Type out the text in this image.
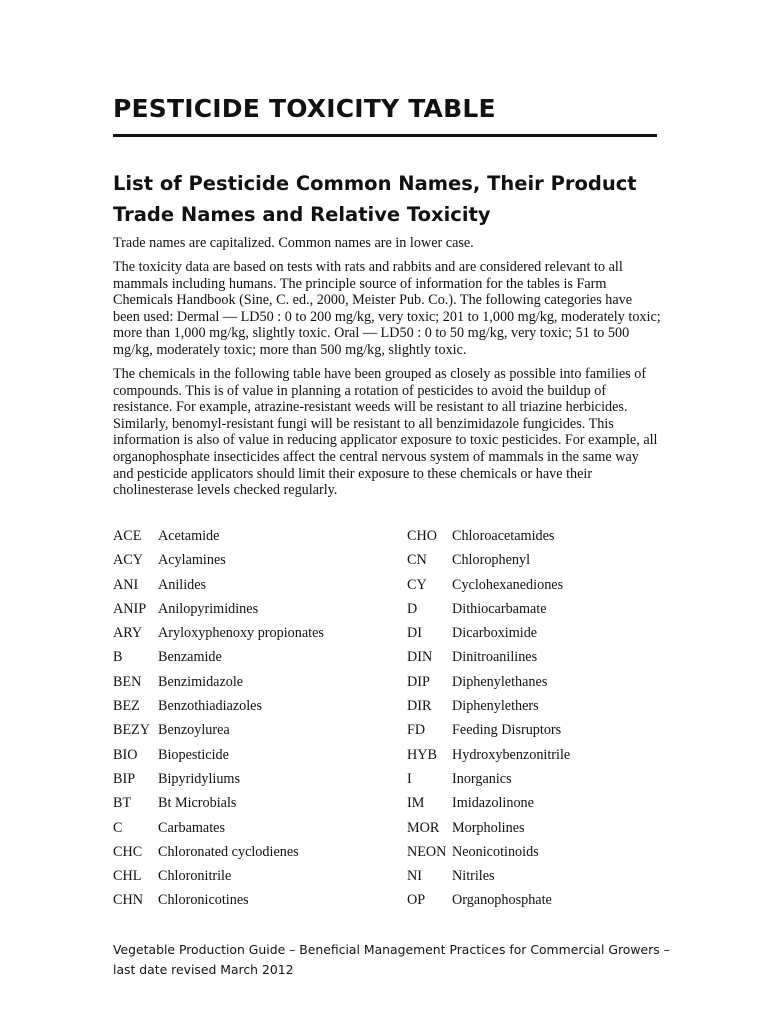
PESTICIDE TOXICITY TABLE
List of Pesticide Common Names, Their Product Trade Names and Relative Toxicity

Trade names are capitalized. Common names are in lower case.

The toxicity data are based on tests with rats and rabbits and are considered relevant to all mammals including humans. The principle source of information for the tables is Farm Chemicals Handbook (Sine, C. ed., 2000, Meister Pub. Co.). The following categories have been used: Dermal — LD50 : 0 to 200 mg/kg, very toxic; 201 to 1,000 mg/kg, moderately toxic; more than 1,000 mg/kg, slightly toxic. Oral — LD50 : 0 to 50 mg/kg, very toxic; 51 to 500 mg/kg, moderately toxic; more than 500 mg/kg, slightly toxic.

The chemicals in the following table have been grouped as closely as possible into families of compounds. This is of value in planning a rotation of pesticides to avoid the buildup of resistance. For example, atrazine-resistant weeds will be resistant to all triazine herbicides. Similarly, benomyl-resistant fungi will be resistant to all benzimidazole fungicides. This information is also of value in reducing applicator exposure to toxic pesticides. For example, all organophosphate insecticides affect the central nervous system of mammals in the same way and pesticide applicators should limit their exposure to these chemicals or have their cholinesterase levels checked regularly.

ACE Acetamide
ACY Acylamines
ANI Anilides
ANIP Anilopyrimidines
ARY Aryloxyphenoxy propionates
B	Benzamide
BEN Benzimidazole
BEZ Benzothiadiazoles
BEZY Benzoylurea
BIO Biopesticide
BIP Bipyridyliums
BT Bt Microbials
C	Carbamates
CHC Chloronated cyclodienes
CHL Chloronitrile
CHN Chloronicotines
CHO Chloroacetamides
CN Chlorophenyl
CY Cyclohexanediones
D Dithiocarbamate
DI Dicarboximide
DIN Dinitroanilines
DIP Diphenylethanes
DIR Diphenylethers
FD Feeding Disruptors
HYB Hydroxybenzonitrile
I	Inorganics
IM Imidazolinone
MOR Morpholines
NEON Neonicotinoids
NI Nitriles
OP Organophosphate
Vegetable Production Guide – Beneficial Management Practices for Commercial Growers – last date revised March 2012
